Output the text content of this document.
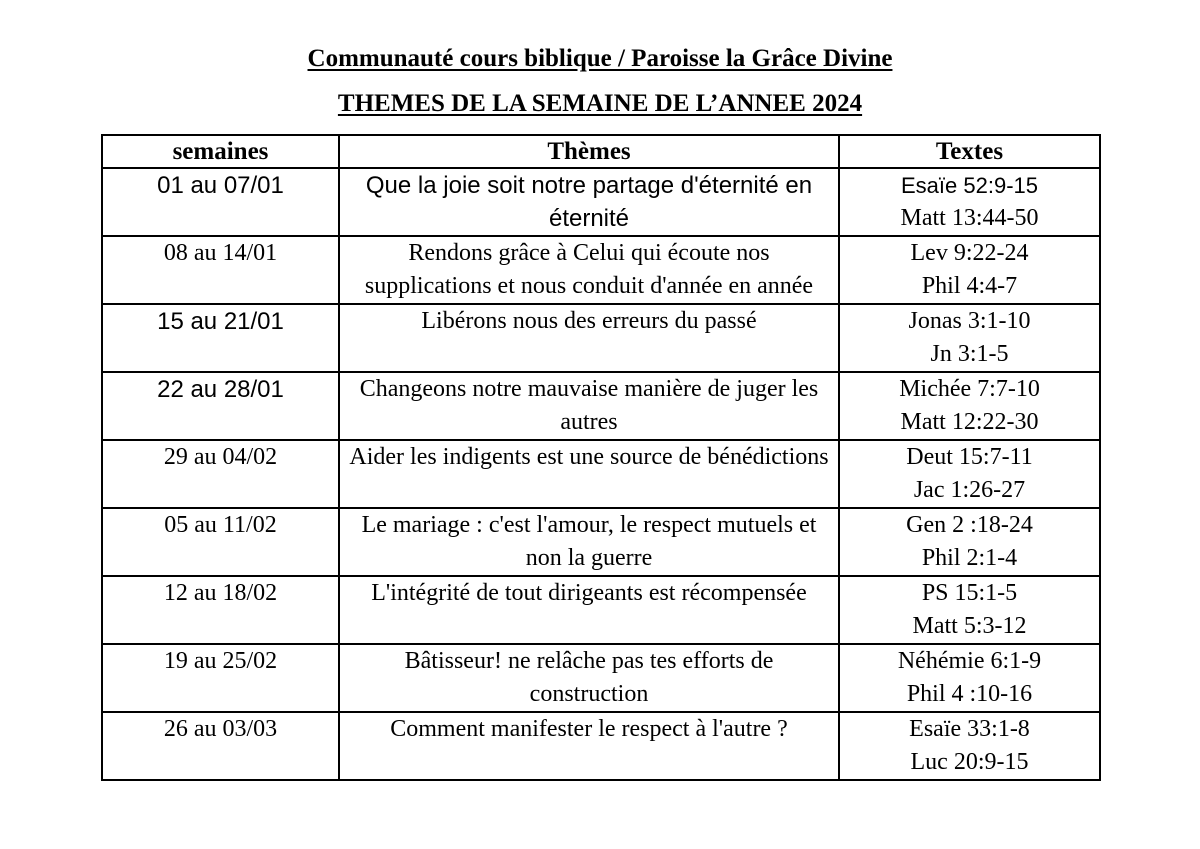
Communauté cours biblique / Paroisse la Grâce Divine
THEMES DE LA SEMAINE DE L’ANNEE 2024
semaines	Thèmes	Textes
01 au 07/01	Que la joie soit notre partage d'éternité en éternité	Esaïe 52:9-15
Matt 13:44-50

08 au 14/01	Rendons grâce à Celui qui écoute nos supplications et nous conduit d'année en année	Lev 9:22-24
Phil 4:4-7

15 au 21/01	Libérons nous des erreurs du passé	Jonas 3:1-10
Jn 3:1-5

22 au 28/01	Changeons notre mauvaise manière de juger les autres	Michée 7:7-10
Matt 12:22-30

29 au 04/02	Aider les indigents est une source de bénédictions	Deut 15:7-11
Jac 1:26-27

05 au 11/02	Le mariage : c'est l'amour, le respect mutuels et non la guerre	Gen 2 :18-24
Phil 2:1-4

12 au 18/02	L'intégrité de tout dirigeants est récompensée	PS 15:1-5
Matt 5:3-12

19 au 25/02	Bâtisseur! ne relâche pas tes efforts de construction	Néhémie 6:1-9
Phil 4 :10-16

26 au 03/03	Comment manifester le respect à l'autre ?	Esaïe 33:1-8
Luc 20:9-15
